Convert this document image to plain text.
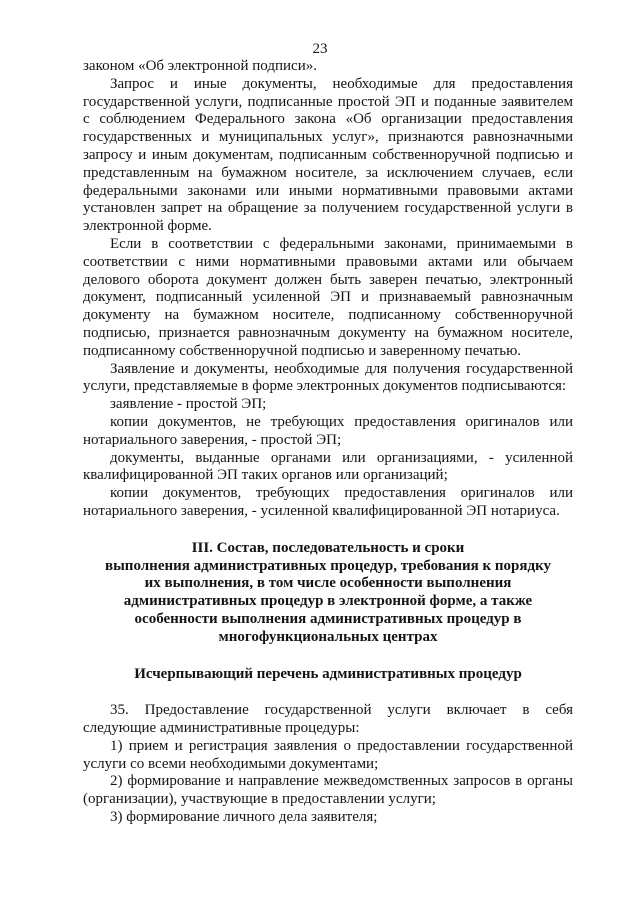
23

законом «Об электронной подписи».

Запрос и иные документы, необходимые для предоставления государственной услуги, подписанные простой ЭП и поданные заявителем с соблюдением Федерального закона «Об организации предоставления государственных и муниципальных услуг», признаются равнозначными запросу и иным документам, подписанным собственноручной подписью и представленным на бумажном носителе, за исключением случаев, если федеральными законами или иными нормативными правовыми актами установлен запрет на обращение за получением государственной услуги в электронной форме.

Если в соответствии с федеральными законами, принимаемыми в соответствии с ними нормативными правовыми актами или обычаем делового оборота документ должен быть заверен печатью, электронный документ, подписанный усиленной ЭП и признаваемый равнозначным документу на бумажном носителе, подписанному собственноручной подписью, признается равнозначным документу на бумажном носителе, подписанному собственноручной подписью и заверенному печатью.

Заявление и документы, необходимые для получения государственной услуги, представляемые в форме электронных документов подписываются:

заявление - простой ЭП;

копии документов, не требующих предоставления оригиналов или нотариального заверения, - простой ЭП;

документы, выданные органами или организациями, - усиленной квалифицированной ЭП таких органов или организаций;

копии документов, требующих предоставления оригиналов или нотариального заверения, - усиленной квалифицированной ЭП нотариуса.

III. Состав, последовательность и сроки
выполнения административных процедур, требования к порядку
их выполнения, в том числе особенности выполнения
административных процедур в электронной форме, а также
особенности выполнения административных процедур в
многофункциональных центрах
Исчерпывающий перечень административных процедур

35. Предоставление государственной услуги включает в себя следующие административные процедуры:

1) прием и регистрация заявления о предоставлении государственной услуги со всеми необходимыми документами;

2) формирование и направление межведомственных запросов в органы (организации), участвующие в предоставлении услуги;

3) формирование личного дела заявителя;
